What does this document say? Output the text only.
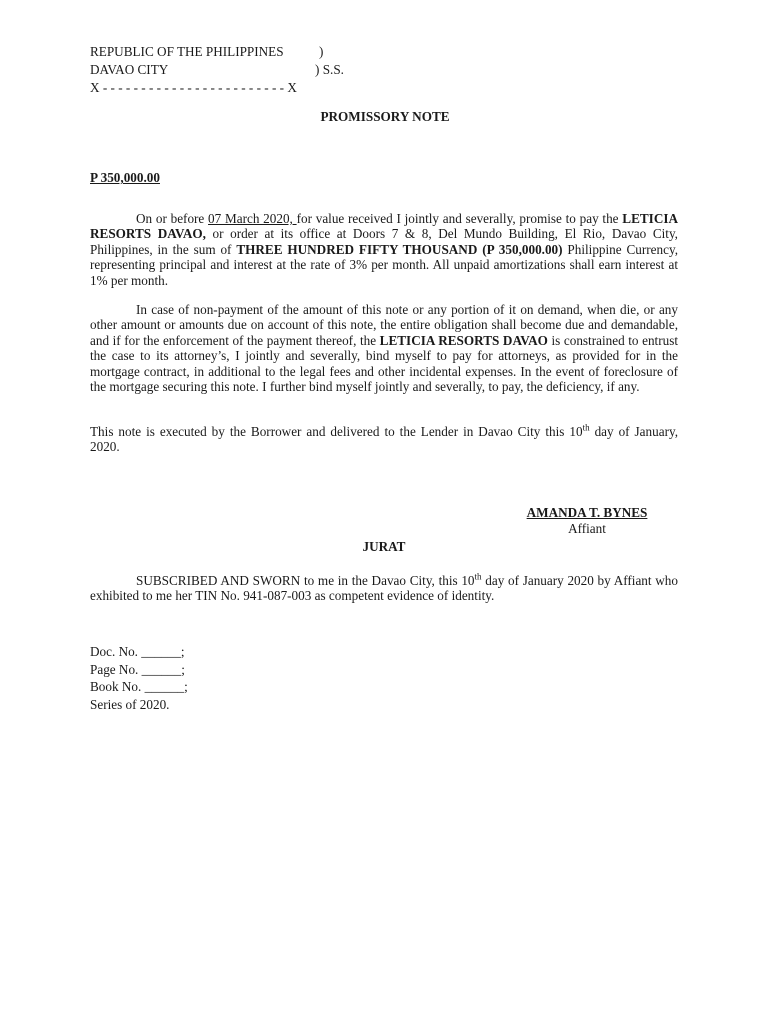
REPUBLIC OF THE PHILIPPINES	)
DAVAO CITY	) S.S.
X - - - - - - - - - - - - - - - - - - - - - - - - X
PROMISSORY NOTE
P 350,000.00
On or before 07 March 2020, for value received I jointly and severally, promise to pay the LETICIA RESORTS DAVAO, or order at its office at Doors 7 & 8, Del Mundo Building, El Rio, Davao City, Philippines, in the sum of THREE HUNDRED FIFTY THOUSAND (P 350,000.00) Philippine Currency, representing principal and interest at the rate of 3% per month. All unpaid amortizations shall earn interest at 1% per month.
In case of non-payment of the amount of this note or any portion of it on demand, when die, or any other amount or amounts due on account of this note, the entire obligation shall become due and demandable, and if for the enforcement of the payment thereof, the LETICIA RESORTS DAVAO is constrained to entrust the case to its attorney’s, I jointly and severally, bind myself to pay for attorneys, as provided for in the mortgage contract, in additional to the legal fees and other incidental expenses. In the event of foreclosure of the mortgage securing this note. I further bind myself jointly and severally, to pay, the deficiency, if any.
This note is executed by the Borrower and delivered to the Lender in Davao City this 10th day of January, 2020.
AMANDA T. BYNES
Affiant
JURAT
SUBSCRIBED AND SWORN to me in the Davao City, this 10th day of January 2020 by Affiant who exhibited to me her TIN No. 941-087-003 as competent evidence of identity.
Doc. No. ______;
Page No. ______;
Book No. ______;
Series of 2020.
